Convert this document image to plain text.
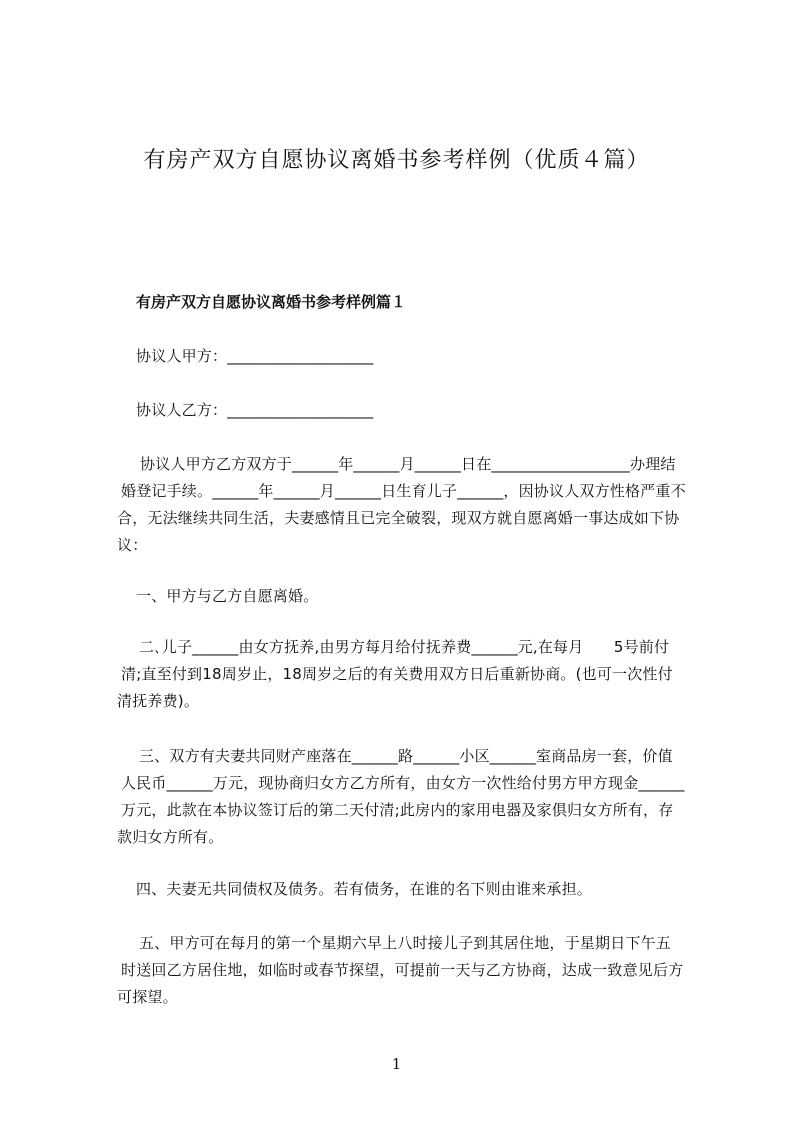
有房产双方自愿协议离婚书参考样例（优质４篇）
有房产双方自愿协议离婚书参考样例篇１
协议人甲方：___________________
协议人乙方：___________________
协议人甲方乙方双方于______年______月______日在__________________办理结
婚登记手续。______年______月______日生育儿子______，因协议人双方性格严重不
合，无法继续共同生活，夫妻感情且已完全破裂，现双方就自愿离婚一事达成如下协
议：
一、甲方与乙方自愿离婚。
二､儿子______由女方抚养,由男方每月给付抚养费______元,在每月　　5号前付
清;直至付到18周岁止，18周岁之后的有关费用双方日后重新协商。(也可一次性付
清抚养费)。
三、双方有夫妻共同财产座落在______路______小区______室商品房一套，价值
人民币______万元，现协商归女方乙方所有，由女方一次性给付男方甲方现金______
万元，此款在本协议签订后的第二天付清;此房内的家用电器及家俱归女方所有，存
款归女方所有。
四、夫妻无共同债权及债务。若有债务，在谁的名下则由谁来承担。
五、甲方可在每月的第一个星期六早上八时接儿子到其居住地，于星期日下午五
时送回乙方居住地，如临时或春节探望，可提前一天与乙方协商，达成一致意见后方
可探望。
1
